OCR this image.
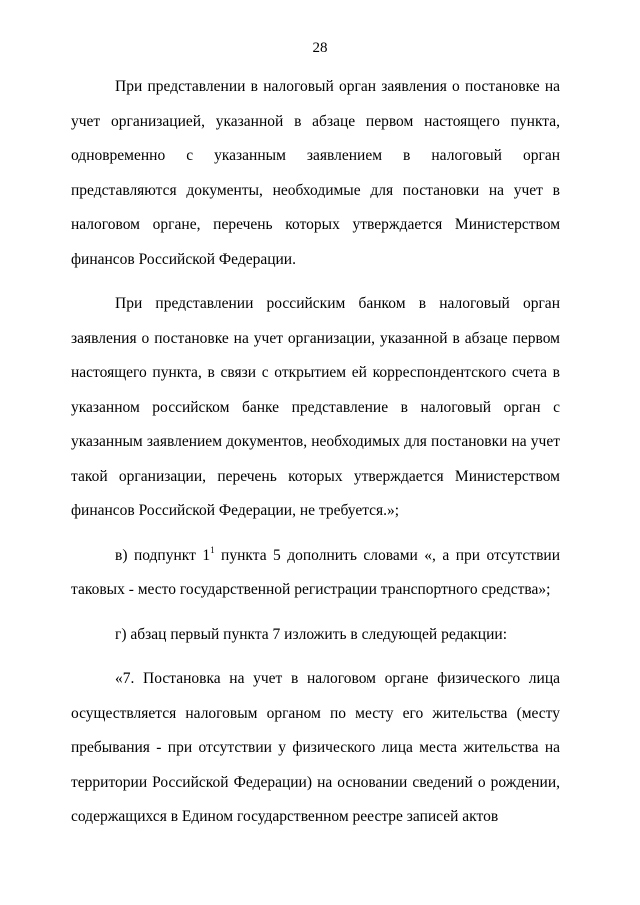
28

При представлении в налоговый орган заявления о постановке на учет организацией, указанной в абзаце первом настоящего пункта, одновременно с указанным заявлением в налоговый орган представляются документы, необходимые для постановки на учет в налоговом органе, перечень которых утверждается Министерством финансов Российской Федерации.

При представлении российским банком в налоговый орган заявления о постановке на учет организации, указанной в абзаце первом настоящего пункта, в связи с открытием ей корреспондентского счета в указанном российском банке представление в налоговый орган с указанным заявлением документов, необходимых для постановки на учет такой организации, перечень которых утверждается Министерством финансов Российской Федерации, не требуется.»;

в) подпункт $1^1$ пункта 5 дополнить словами «, а при отсутствии таковых - место государственной регистрации транспортного средства»;

г) абзац первый пункта 7 изложить в следующей редакции:

«7. Постановка на учет в налоговом органе физического лица осуществляется налоговым органом по месту его жительства (месту пребывания - при отсутствии у физического лица места жительства на территории Российской Федерации) на основании сведений о рождении, содержащихся в Едином государственном реестре записей актов
